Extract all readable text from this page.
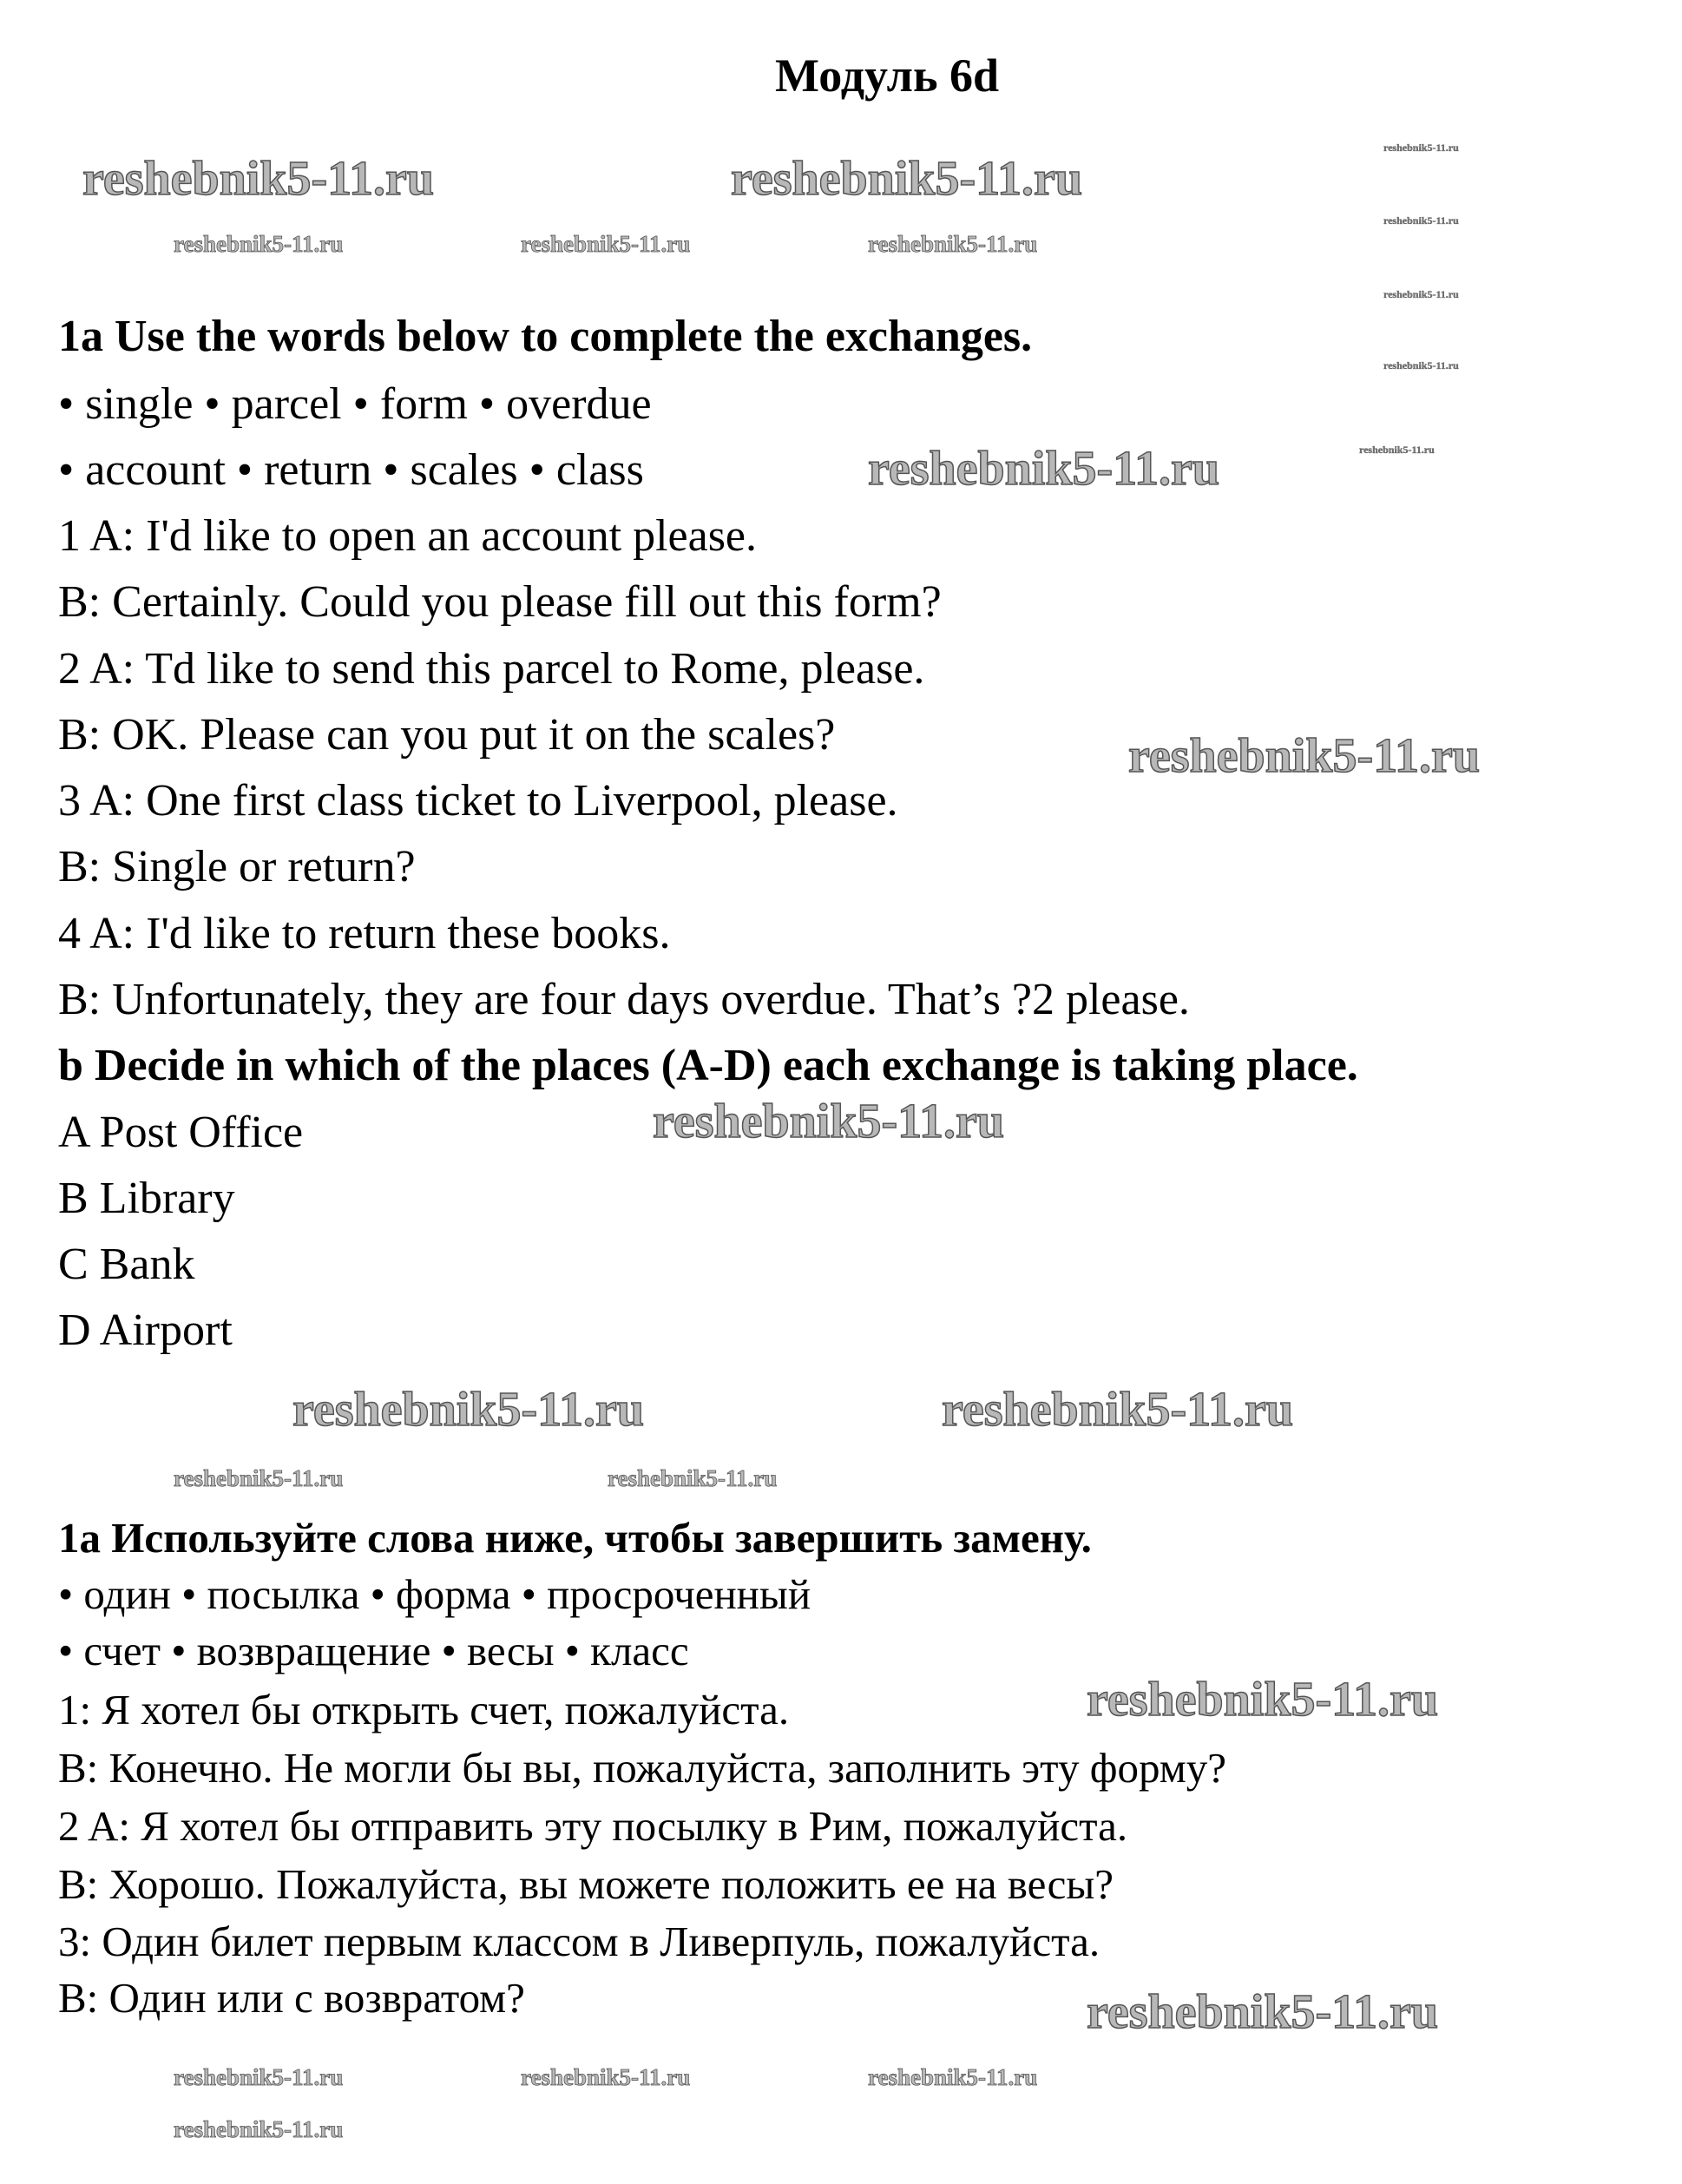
Модуль 6d
1a Use the words below to complete the exchanges.
• single • parcel • form • overdue
• account • return • scales • class
1 A: I'd like to open an account please.
B: Certainly. Could you please fill out this form?
2 A: Td like to send this parcel to Rome, please.
B: OK. Please can you put it on the scales?
3 A: One first class ticket to Liverpool, please.
B: Single or return?
4 A: I'd like to return these books.
B: Unfortunately, they are four days overdue. That’s ?2 please.
b Decide in which of the places (A-D) each exchange is taking place.
A Post Office
B Library
C Bank
D Airport
1a Используйте слова ниже, чтобы завершить замену.
• один • посылка • форма • просроченный
• счет • возвращение • весы • класс
1: Я хотел бы открыть счет, пожалуйста.
B: Конечно. Не могли бы вы, пожалуйста, заполнить эту форму?
2 A: Я хотел бы отправить эту посылку в Рим, пожалуйста.
B: Хорошо. Пожалуйста, вы можете положить ее на весы?
3: Один билет первым классом в Ливерпуль, пожалуйста.
B: Один или с возвратом?
reshebnik5-11.ru	reshebnik5-11.ru
reshebnik5-11.ru
reshebnik5-11.ru
reshebnik5-11.ru
reshebnik5-11.ru
reshebnik5-11.ru
reshebnik5-11.ru
reshebnik5-11.ru
reshebnik5-11.ru
reshebnik5-11.ru	reshebnik5-11.ru
reshebnik5-11.ru	reshebnik5-11.ru
reshebnik5-11.ru
reshebnik5-11.ru	reshebnik5-11.ru
reshebnik5-11.ru
reshebnik5-11.ru	reshebnik5-11.ru	reshebnik5-11.ru
reshebnik5-11.ru
reshebnik5-11.ru
